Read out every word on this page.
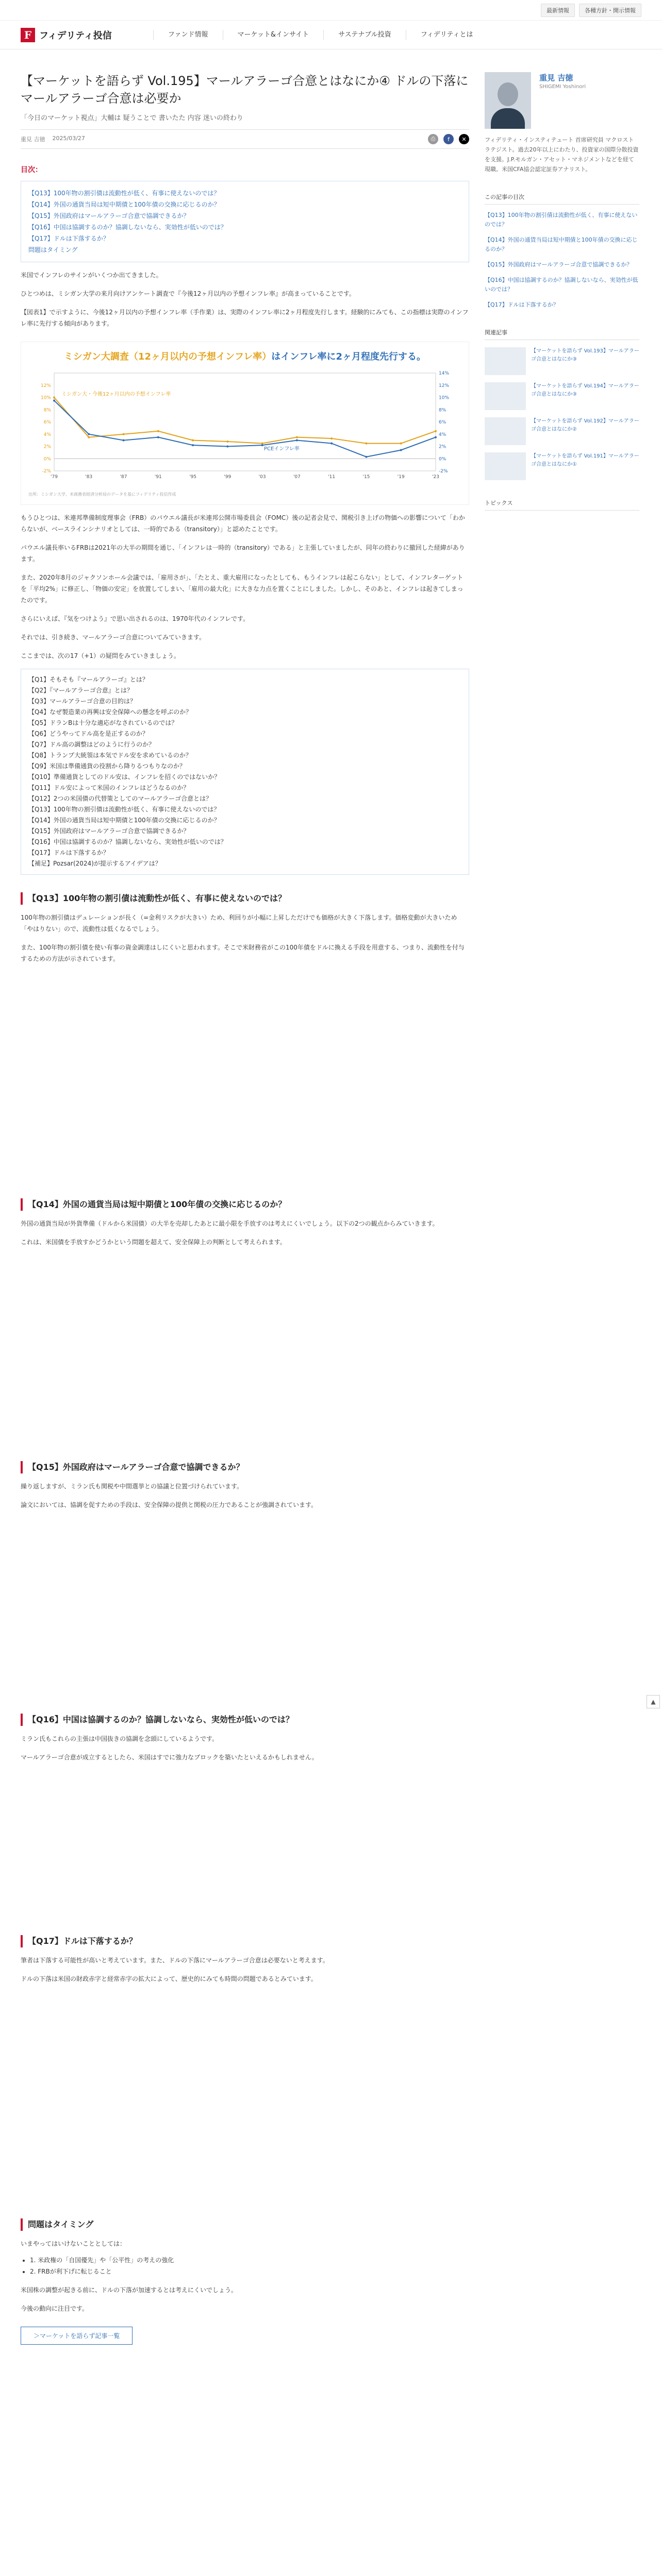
最新情報	各種方針・開示情報
F フィデリティ投信	ファンド情報	マーケット&インサイト	サステナブル投資	フィデリティとは
【マーケットを語らず Vol.195】マールアラーゴ合意とはなにか④ ドルの下落にマールアラーゴ合意は必要か
「今日のマーケット視点」大輔は 疑うことで 書いたた 内容 迷いの終わり
重見 吉徳 2025/03/27	⎙	f	✕
目次：
【Q13】100年物の割引債は流動性が低く、有事に使えないのでは？
【Q14】外国の通貨当局は短中期債と100年債の交換に応じるのか？
【Q15】外国政府はマールアラーゴ合意で協調できるか？
【Q16】中国は協調するのか？協調しないなら、実効性が低いのでは？
【Q17】ドルは下落するか？
問題はタイミング

米国でインフレのサインがいくつか出てきました。

ひとつめは、ミシガン大学の来月向けアンケート調査で『今後12ヶ月以内の予想インフレ率』が高まっていることです。

【図表1】で示すように、今後12ヶ月以内の予想インフレ率（手作業）は、実際のインフレ率に2ヶ月程度先行します。経験的にみても、この指標は実際のインフレ率に先行する傾向があります。

ミシガン大調査（12ヶ月以内の予想インフレ率）はインフレ率に2ヶ月程度先行する。
12%
10%
8%
6%
4%
2%
0%
-2%
14%
12%
10%
8%
6%
4%
2%
0%
-2%
'79	'83	'87	'91	'95	'99	'03	'07	'11	'15	'19	'23
ミシガン大・今後12ヶ月以内の予想インフレ率
PCEインフレ率
出所：ミシガン大学、米商務省経済分析局のデータを基にフィデリティ投信作成

もうひとつは、米連邦準備制度理事会（FRB）のパウエル議長が米連邦公開市場委員会（FOMC）後の記者会見で、関税引き上げの物価への影響について「わからないが、ベースラインシナリオとしては、一時的である（transitory）」と認めたことです。

パウエル議長率いるFRBは2021年の大半の期間を通じ、「インフレは一時的（transitory）である」と主張していましたが、同年の終わりに撤回した経緯があります。

また、2020年8月のジャクソンホール会議では、「雇用さが」、「たとえ、重大雇用になったとしても、もうインフレは起こらない」として、インフレターゲットを「平均2%」に修正し、「物価の安定」を放置してしまい、「雇用の最大化」に大きな力点を置くことにしました。しかし、そのあと、インフレは起きてしまったのです。

さらにいえば、『気をつけよう』で思い出されるのは、1970年代のインフレです。

それでは、引き続き、マールアラーゴ合意についてみていきます。

ここまでは、次の17（+1）の疑問をみていきましょう。

【Q1】そもそも『マールアラーゴ』とは？
【Q2】『マールアラーゴ合意』とは？
【Q3】マールアラーゴ合意の目的は？
【Q4】なぜ製造業の再興は安全保障への懸念を呼ぶのか？
【Q5】ドランBは十分な適応がなされているのでは？
【Q6】どうやってドル高を是正するのか？
【Q7】ドル高の調整はどのように行うのか？
【Q8】トランプ大統領は本気でドル安を求めているのか？
【Q9】米国は準備通貨の役割から降りるつもりなのか？
【Q10】準備通貨としてのドル安は、インフレを招くのではないか？
【Q11】ドル安によって米国のインフレはどうなるのか？
【Q12】2つの米国債の代替策としてのマールアラーゴ合意とは？
【Q13】100年物の割引債は流動性が低く、有事に使えないのでは？
【Q14】外国の通貨当局は短中期債と100年債の交換に応じるのか？
【Q15】外国政府はマールアラーゴ合意で協調できるか？
【Q16】中国は協調するのか？協調しないなら、実効性が低いのでは？
【Q17】ドルは下落するか？
【補足】Pozsar(2024)が提示するアイデアは？
【Q13】100年物の割引債は流動性が低く、有事に使えないのでは？

100年物の割引債はデュレーションが長く（=金利リスクが大きい）ため、利回りが小幅に上昇しただけでも価格が大きく下落します。価格変動が大きいため「やはりない」ので、流動性は低くなるでしょう。

また、100年物の割引債を使い有事の資金調達はしにくいと思われます。そこで米財務省がこの100年債をドルに換える手段を用意する、つまり、流動性を付与するための方法が示されています。

【Q14】外国の通貨当局は短中期債と100年債の交換に応じるのか？

外国の通貨当局が外貨準備（ドルから米国債）の大半を売却したあとに最小限を手放すのは考えにくいでしょう。以下の2つの観点からみていきます。

これは、米国債を手放すかどうかという問題を超えて、安全保障上の判断として考えられます。

【Q15】外国政府はマールアラーゴ合意で協調できるか？

繰り返しますが、ミラン氏も関税や中間選挙との協議と位置づけられています。

論文においては、協調を促すための手段は、安全保障の提供と関税の圧力であることが強調されています。

【Q16】中国は協調するのか？協調しないなら、実効性が低いのでは？

ミラン氏もこれらの主張は中国抜きの協調を念頭にしているようです。

マールアラーゴ合意が成立するとしたら、米国はすでに強力なブロックを築いたといえるかもしれません。

【Q17】ドルは下落するか？

筆者は下落する可能性が高いと考えています。また、ドルの下落にマールアラーゴ合意は必要ないと考えます。

ドルの下落は米国の財政赤字と経常赤字の拡大によって、歴史的にみても時間の問題であるとみています。

問題はタイミング

いまやってはいけないこととしては：

• 1. 米政権の「自国優先」や「公平性」の考えの強化
• 2. FRBが利下げに転じること

米国株の調整が起きる前に、ドルの下落が加速するとは考えにくいでしょう。

今後の動向に注目です。

＞マーケットを語らず記事一覧
重見 吉徳
SHIGEMI Yoshinori
フィデリティ・インスティテュート 首席研究員 マクロストラテジスト。過去20年以上にわたり、投資家の国際分散投資を支援。J.P.モルガン・アセット・マネジメントなどを経て現職。米国CFA協会認定証券アナリスト。
この記事の目次
【Q13】100年物の割引債は流動性が低く、有事に使えないのでは？
【Q14】外国の通貨当局は短中期債と100年債の交換に応じるのか？
【Q15】外国政府はマールアラーゴ合意で協調できるか？
【Q16】中国は協調するのか？協調しないなら、実効性が低いのでは？
【Q17】ドルは下落するか？
関連記事
【マーケットを語らず Vol.193】マールアラーゴ合意とはなにか③
【マーケットを語らず Vol.194】マールアラーゴ合意とはなにか③
【マーケットを語らず Vol.192】マールアラーゴ合意とはなにか②
【マーケットを語らず Vol.191】マールアラーゴ合意とはなにか①
トピックス
▲
